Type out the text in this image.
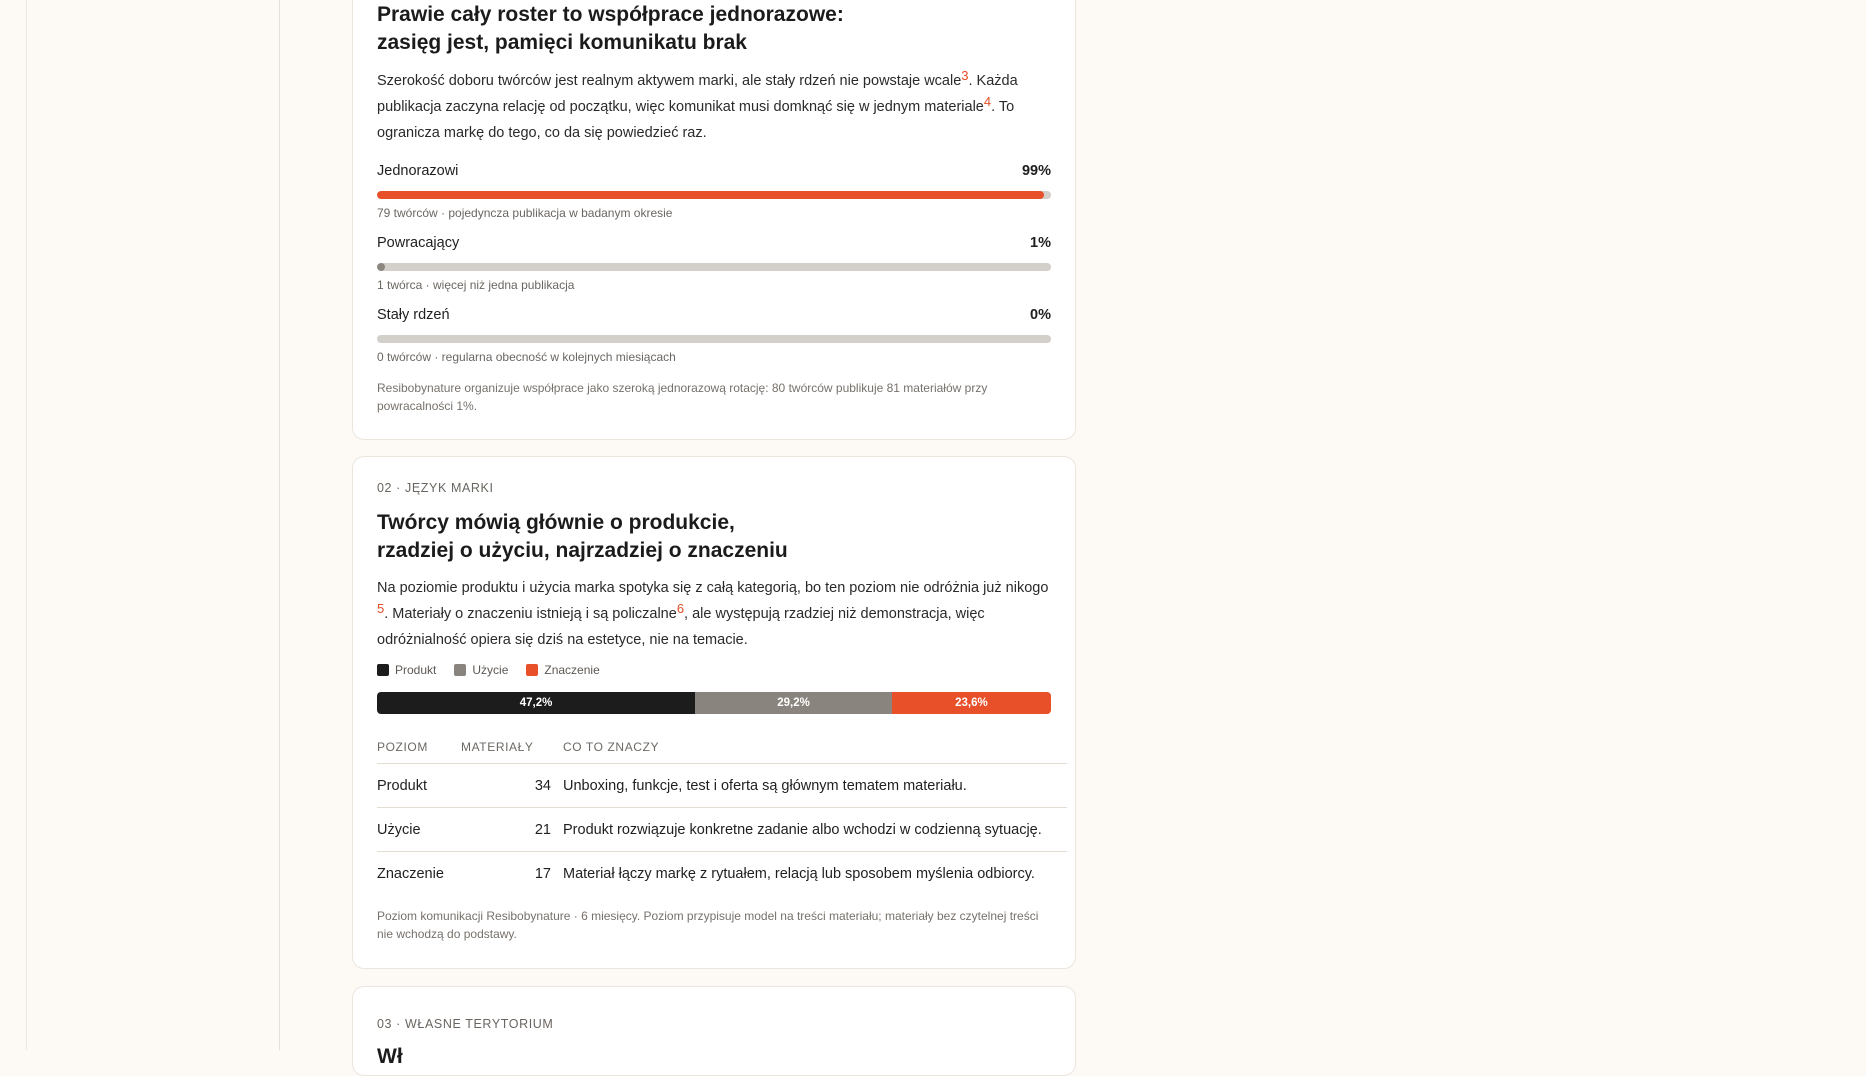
Prawie cały roster to współprace jednorazowe:
zasięg jest, pamięci komunikatu brak

Szerokość doboru twórców jest realnym aktywem marki, ale stały rdzeń nie powstaje wcale3. Każda publikacja zaczyna relację od początku, więc komunikat musi domknąć się w jednym materiale4. To ogranicza markę do tego, co da się powiedzieć raz.

Jednorazowi	99%
79 twórców · pojedyncza publikacja w badanym okresie
Powracający	1%
1 twórca · więcej niż jedna publikacja
Stały rdzeń	0%
0 twórców · regularna obecność w kolejnych miesiącach

Resibobynature organizuje współprace jako szeroką jednorazową rotację: 80 twórców publikuje 81 materiałów przy powracalności 1%.

02 · JĘZYK MARKI
Twórcy mówią głównie o produkcie,
rzadziej o użyciu, najrzadziej o znaczeniu

Na poziomie produktu i użycia marka spotyka się z całą kategorią, bo ten poziom nie odróżnia już nikogo 5. Materiały o znaczeniu istnieją i są policzalne6, ale występują rzadziej niż demonstracja, więc odróżnialność opiera się dziś na estetyce, nie na temacie.

Produkt	Użycie	Znaczenie
47,2%	29,2%	23,6%
POZIOM	MATERIAŁY	CO TO ZNACZY
Produkt	34	Unboxing, funkcje, test i oferta są głównym tematem materiału.
Użycie	21	Produkt rozwiązuje konkretne zadanie albo wchodzi w codzienną sytuację.
Znaczenie	17	Materiał łączy markę z rytuałem, relacją lub sposobem myślenia odbiorcy.

Poziom komunikacji Resibobynature · 6 miesięcy. Poziom przypisuje model na treści materiału; materiały bez czytelnej treści nie wchodzą do podstawy.

03 · WŁASNE TERYTORIUM
Wł
